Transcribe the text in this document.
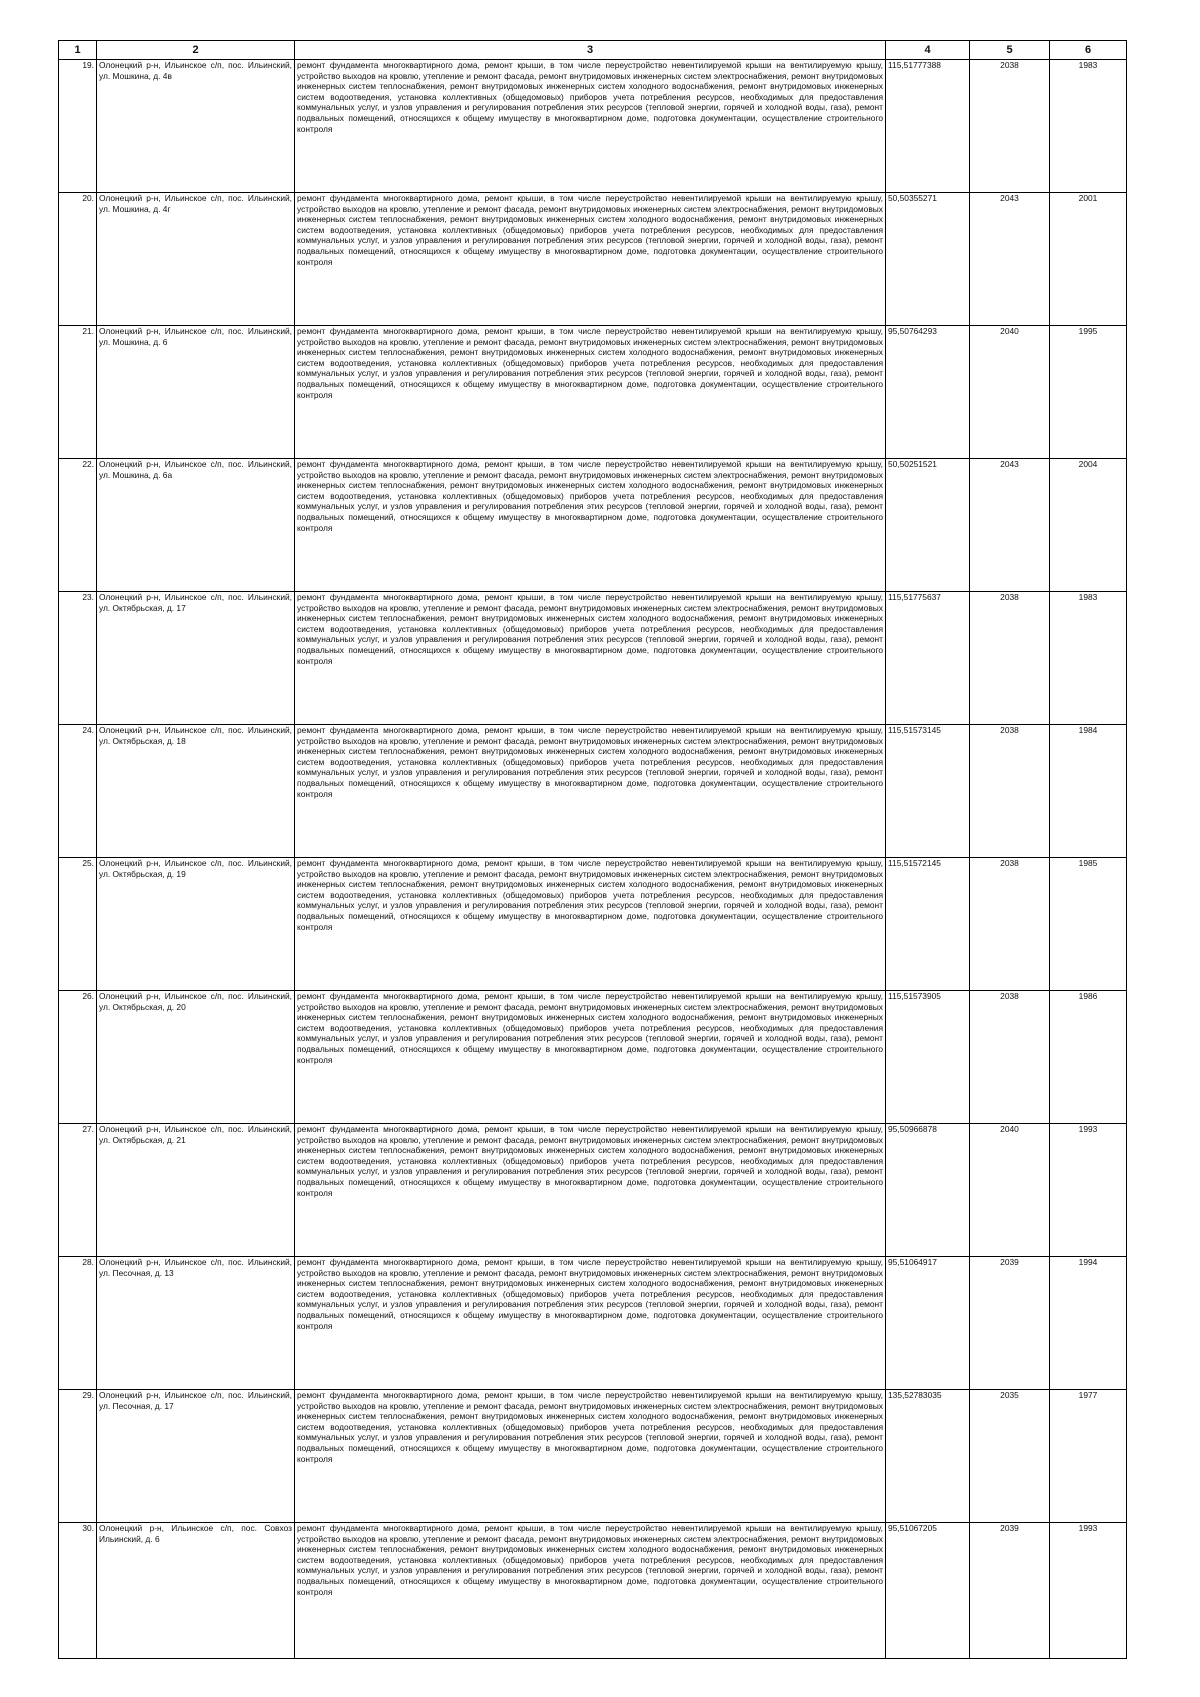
1	2	3	4	5	6
19.	Олонецкий р-н, Ильинское с/п, пос. Ильинский, ул. Мошкина, д. 4в	ремонт фундамента многоквартирного дома, ремонт крыши, в том числе переустройство невентилируемой крыши на вентилируемую крышу, устройство выходов на кровлю, утепление и ремонт фасада, ремонт внутридомовых инженерных систем электроснабжения, ремонт внутридомовых инженерных систем теплоснабжения, ремонт внутридомовых инженерных систем холодного водоснабжения, ремонт внутридомовых инженерных систем водоотведения, установка коллективных (общедомовых) приборов учета потребления ресурсов, необходимых для предоставления коммунальных услуг, и узлов управления и регулирования потребления этих ресурсов (тепловой энергии, горячей и холодной воды, газа), ремонт подвальных помещений, относящихся к общему имуществу в многоквартирном доме, подготовка документации, осуществление строительного контроля	115,51777388	2038	1983
20.	Олонецкий р-н, Ильинское с/п, пос. Ильинский, ул. Мошкина, д. 4г	ремонт фундамента многоквартирного дома, ремонт крыши, в том числе переустройство невентилируемой крыши на вентилируемую крышу, устройство выходов на кровлю, утепление и ремонт фасада, ремонт внутридомовых инженерных систем электроснабжения, ремонт внутридомовых инженерных систем теплоснабжения, ремонт внутридомовых инженерных систем холодного водоснабжения, ремонт внутридомовых инженерных систем водоотведения, установка коллективных (общедомовых) приборов учета потребления ресурсов, необходимых для предоставления коммунальных услуг, и узлов управления и регулирования потребления этих ресурсов (тепловой энергии, горячей и холодной воды, газа), ремонт подвальных помещений, относящихся к общему имуществу в многоквартирном доме, подготовка документации, осуществление строительного контроля	50,50355271	2043	2001
21.	Олонецкий р-н, Ильинское с/п, пос. Ильинский, ул. Мошкина, д. 6	ремонт фундамента многоквартирного дома, ремонт крыши, в том числе переустройство невентилируемой крыши на вентилируемую крышу, устройство выходов на кровлю, утепление и ремонт фасада, ремонт внутридомовых инженерных систем электроснабжения, ремонт внутридомовых инженерных систем теплоснабжения, ремонт внутридомовых инженерных систем холодного водоснабжения, ремонт внутридомовых инженерных систем водоотведения, установка коллективных (общедомовых) приборов учета потребления ресурсов, необходимых для предоставления коммунальных услуг, и узлов управления и регулирования потребления этих ресурсов (тепловой энергии, горячей и холодной воды, газа), ремонт подвальных помещений, относящихся к общему имуществу в многоквартирном доме, подготовка документации, осуществление строительного контроля	95,50764293	2040	1995
22.	Олонецкий р-н, Ильинское с/п, пос. Ильинский, ул. Мошкина, д. 6а	ремонт фундамента многоквартирного дома, ремонт крыши, в том числе переустройство невентилируемой крыши на вентилируемую крышу, устройство выходов на кровлю, утепление и ремонт фасада, ремонт внутридомовых инженерных систем электроснабжения, ремонт внутридомовых инженерных систем теплоснабжения, ремонт внутридомовых инженерных систем холодного водоснабжения, ремонт внутридомовых инженерных систем водоотведения, установка коллективных (общедомовых) приборов учета потребления ресурсов, необходимых для предоставления коммунальных услуг, и узлов управления и регулирования потребления этих ресурсов (тепловой энергии, горячей и холодной воды, газа), ремонт подвальных помещений, относящихся к общему имуществу в многоквартирном доме, подготовка документации, осуществление строительного контроля	50,50251521	2043	2004
23.	Олонецкий р-н, Ильинское с/п, пос. Ильинский, ул. Октябрьская, д. 17	ремонт фундамента многоквартирного дома, ремонт крыши, в том числе переустройство невентилируемой крыши на вентилируемую крышу, устройство выходов на кровлю, утепление и ремонт фасада, ремонт внутридомовых инженерных систем электроснабжения, ремонт внутридомовых инженерных систем теплоснабжения, ремонт внутридомовых инженерных систем холодного водоснабжения, ремонт внутридомовых инженерных систем водоотведения, установка коллективных (общедомовых) приборов учета потребления ресурсов, необходимых для предоставления коммунальных услуг, и узлов управления и регулирования потребления этих ресурсов (тепловой энергии, горячей и холодной воды, газа), ремонт подвальных помещений, относящихся к общему имуществу в многоквартирном доме, подготовка документации, осуществление строительного контроля	115,51775637	2038	1983
24.	Олонецкий р-н, Ильинское с/п, пос. Ильинский, ул. Октябрьская, д. 18	ремонт фундамента многоквартирного дома, ремонт крыши, в том числе переустройство невентилируемой крыши на вентилируемую крышу, устройство выходов на кровлю, утепление и ремонт фасада, ремонт внутридомовых инженерных систем электроснабжения, ремонт внутридомовых инженерных систем теплоснабжения, ремонт внутридомовых инженерных систем холодного водоснабжения, ремонт внутридомовых инженерных систем водоотведения, установка коллективных (общедомовых) приборов учета потребления ресурсов, необходимых для предоставления коммунальных услуг, и узлов управления и регулирования потребления этих ресурсов (тепловой энергии, горячей и холодной воды, газа), ремонт подвальных помещений, относящихся к общему имуществу в многоквартирном доме, подготовка документации, осуществление строительного контроля	115,51573145	2038	1984
25.	Олонецкий р-н, Ильинское с/п, пос. Ильинский, ул. Октябрьская, д. 19	ремонт фундамента многоквартирного дома, ремонт крыши, в том числе переустройство невентилируемой крыши на вентилируемую крышу, устройство выходов на кровлю, утепление и ремонт фасада, ремонт внутридомовых инженерных систем электроснабжения, ремонт внутридомовых инженерных систем теплоснабжения, ремонт внутридомовых инженерных систем холодного водоснабжения, ремонт внутридомовых инженерных систем водоотведения, установка коллективных (общедомовых) приборов учета потребления ресурсов, необходимых для предоставления коммунальных услуг, и узлов управления и регулирования потребления этих ресурсов (тепловой энергии, горячей и холодной воды, газа), ремонт подвальных помещений, относящихся к общему имуществу в многоквартирном доме, подготовка документации, осуществление строительного контроля	115,51572145	2038	1985
26.	Олонецкий р-н, Ильинское с/п, пос. Ильинский, ул. Октябрьская, д. 20	ремонт фундамента многоквартирного дома, ремонт крыши, в том числе переустройство невентилируемой крыши на вентилируемую крышу, устройство выходов на кровлю, утепление и ремонт фасада, ремонт внутридомовых инженерных систем электроснабжения, ремонт внутридомовых инженерных систем теплоснабжения, ремонт внутридомовых инженерных систем холодного водоснабжения, ремонт внутридомовых инженерных систем водоотведения, установка коллективных (общедомовых) приборов учета потребления ресурсов, необходимых для предоставления коммунальных услуг, и узлов управления и регулирования потребления этих ресурсов (тепловой энергии, горячей и холодной воды, газа), ремонт подвальных помещений, относящихся к общему имуществу в многоквартирном доме, подготовка документации, осуществление строительного контроля	115,51573905	2038	1986
27.	Олонецкий р-н, Ильинское с/п, пос. Ильинский, ул. Октябрьская, д. 21	ремонт фундамента многоквартирного дома, ремонт крыши, в том числе переустройство невентилируемой крыши на вентилируемую крышу, устройство выходов на кровлю, утепление и ремонт фасада, ремонт внутридомовых инженерных систем электроснабжения, ремонт внутридомовых инженерных систем теплоснабжения, ремонт внутридомовых инженерных систем холодного водоснабжения, ремонт внутридомовых инженерных систем водоотведения, установка коллективных (общедомовых) приборов учета потребления ресурсов, необходимых для предоставления коммунальных услуг, и узлов управления и регулирования потребления этих ресурсов (тепловой энергии, горячей и холодной воды, газа), ремонт подвальных помещений, относящихся к общему имуществу в многоквартирном доме, подготовка документации, осуществление строительного контроля	95,50966878	2040	1993
28.	Олонецкий р-н, Ильинское с/п, пос. Ильинский, ул. Песочная, д. 13	ремонт фундамента многоквартирного дома, ремонт крыши, в том числе переустройство невентилируемой крыши на вентилируемую крышу, устройство выходов на кровлю, утепление и ремонт фасада, ремонт внутридомовых инженерных систем электроснабжения, ремонт внутридомовых инженерных систем теплоснабжения, ремонт внутридомовых инженерных систем холодного водоснабжения, ремонт внутридомовых инженерных систем водоотведения, установка коллективных (общедомовых) приборов учета потребления ресурсов, необходимых для предоставления коммунальных услуг, и узлов управления и регулирования потребления этих ресурсов (тепловой энергии, горячей и холодной воды, газа), ремонт подвальных помещений, относящихся к общему имуществу в многоквартирном доме, подготовка документации, осуществление строительного контроля	95,51064917	2039	1994
29.	Олонецкий р-н, Ильинское с/п, пос. Ильинский, ул. Песочная, д. 17	ремонт фундамента многоквартирного дома, ремонт крыши, в том числе переустройство невентилируемой крыши на вентилируемую крышу, устройство выходов на кровлю, утепление и ремонт фасада, ремонт внутридомовых инженерных систем электроснабжения, ремонт внутридомовых инженерных систем теплоснабжения, ремонт внутридомовых инженерных систем холодного водоснабжения, ремонт внутридомовых инженерных систем водоотведения, установка коллективных (общедомовых) приборов учета потребления ресурсов, необходимых для предоставления коммунальных услуг, и узлов управления и регулирования потребления этих ресурсов (тепловой энергии, горячей и холодной воды, газа), ремонт подвальных помещений, относящихся к общему имуществу в многоквартирном доме, подготовка документации, осуществление строительного контроля	135,52783035	2035	1977
30.	Олонецкий р-н, Ильинское с/п, пос. Совхоз Ильинский, д. 6	ремонт фундамента многоквартирного дома, ремонт крыши, в том числе переустройство невентилируемой крыши на вентилируемую крышу, устройство выходов на кровлю, утепление и ремонт фасада, ремонт внутридомовых инженерных систем электроснабжения, ремонт внутридомовых инженерных систем теплоснабжения, ремонт внутридомовых инженерных систем холодного водоснабжения, ремонт внутридомовых инженерных систем водоотведения, установка коллективных (общедомовых) приборов учета потребления ресурсов, необходимых для предоставления коммунальных услуг, и узлов управления и регулирования потребления этих ресурсов (тепловой энергии, горячей и холодной воды, газа), ремонт подвальных помещений, относящихся к общему имуществу в многоквартирном доме, подготовка документации, осуществление строительного контроля	95,51067205	2039	1993
